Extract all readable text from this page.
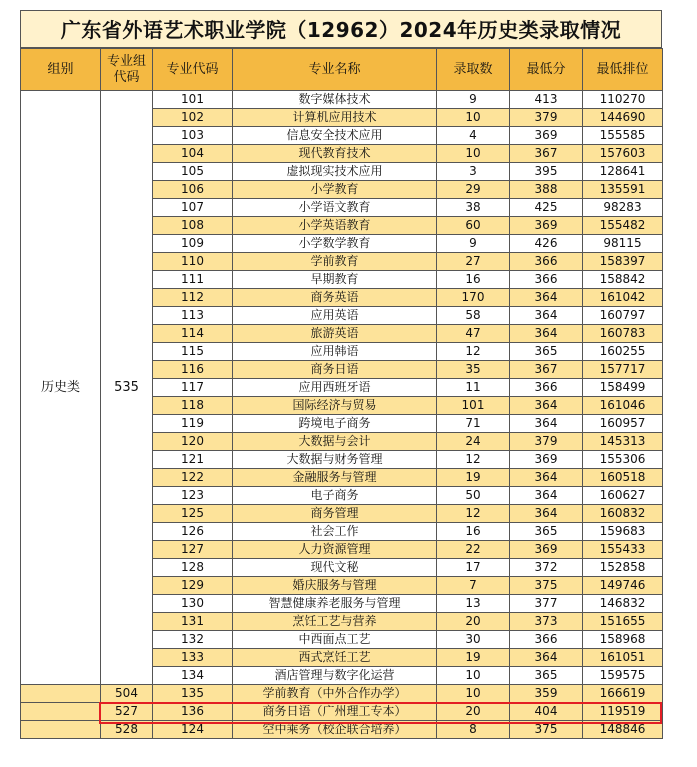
广东省外语艺术职业学院（12962）2024年历史类录取情况
组别	专业组代码	专业代码	专业名称	录取数	最低分	最低排位
历史类	535	101	数字媒体技术	9	413	110270
		102	计算机应用技术	10	379	144690
		103	信息安全技术应用	4	369	155585
		104	现代教育技术	10	367	157603
		105	虚拟现实技术应用	3	395	128641
		106	小学教育	29	388	135591
		107	小学语文教育	38	425	98283
		108	小学英语教育	60	369	155482
		109	小学数学教育	9	426	98115
		110	学前教育	27	366	158397
		111	早期教育	16	366	158842
		112	商务英语	170	364	161042
		113	应用英语	58	364	160797
		114	旅游英语	47	364	160783
		115	应用韩语	12	365	160255
		116	商务日语	35	367	157717
		117	应用西班牙语	11	366	158499
		118	国际经济与贸易	101	364	161046
		119	跨境电子商务	71	364	160957
		120	大数据与会计	24	379	145313
		121	大数据与财务管理	12	369	155306
		122	金融服务与管理	19	364	160518
		123	电子商务	50	364	160627
		125	商务管理	12	364	160832
		126	社会工作	16	365	159683
		127	人力资源管理	22	369	155433
		128	现代文秘	17	372	152858
		129	婚庆服务与管理	7	375	149746
		130	智慧健康养老服务与管理	13	377	146832
		131	烹饪工艺与营养	20	373	151655
		132	中西面点工艺	30	366	158968
		133	西式烹饪工艺	19	364	161051
		134	酒店管理与数字化运营	10	365	159575
	504	135	学前教育（中外合作办学）	10	359	166619
	527	136	商务日语（广州理工专本）	20	404	119519
	528	124	空中乘务（校企联合培养）	8	375	148846
